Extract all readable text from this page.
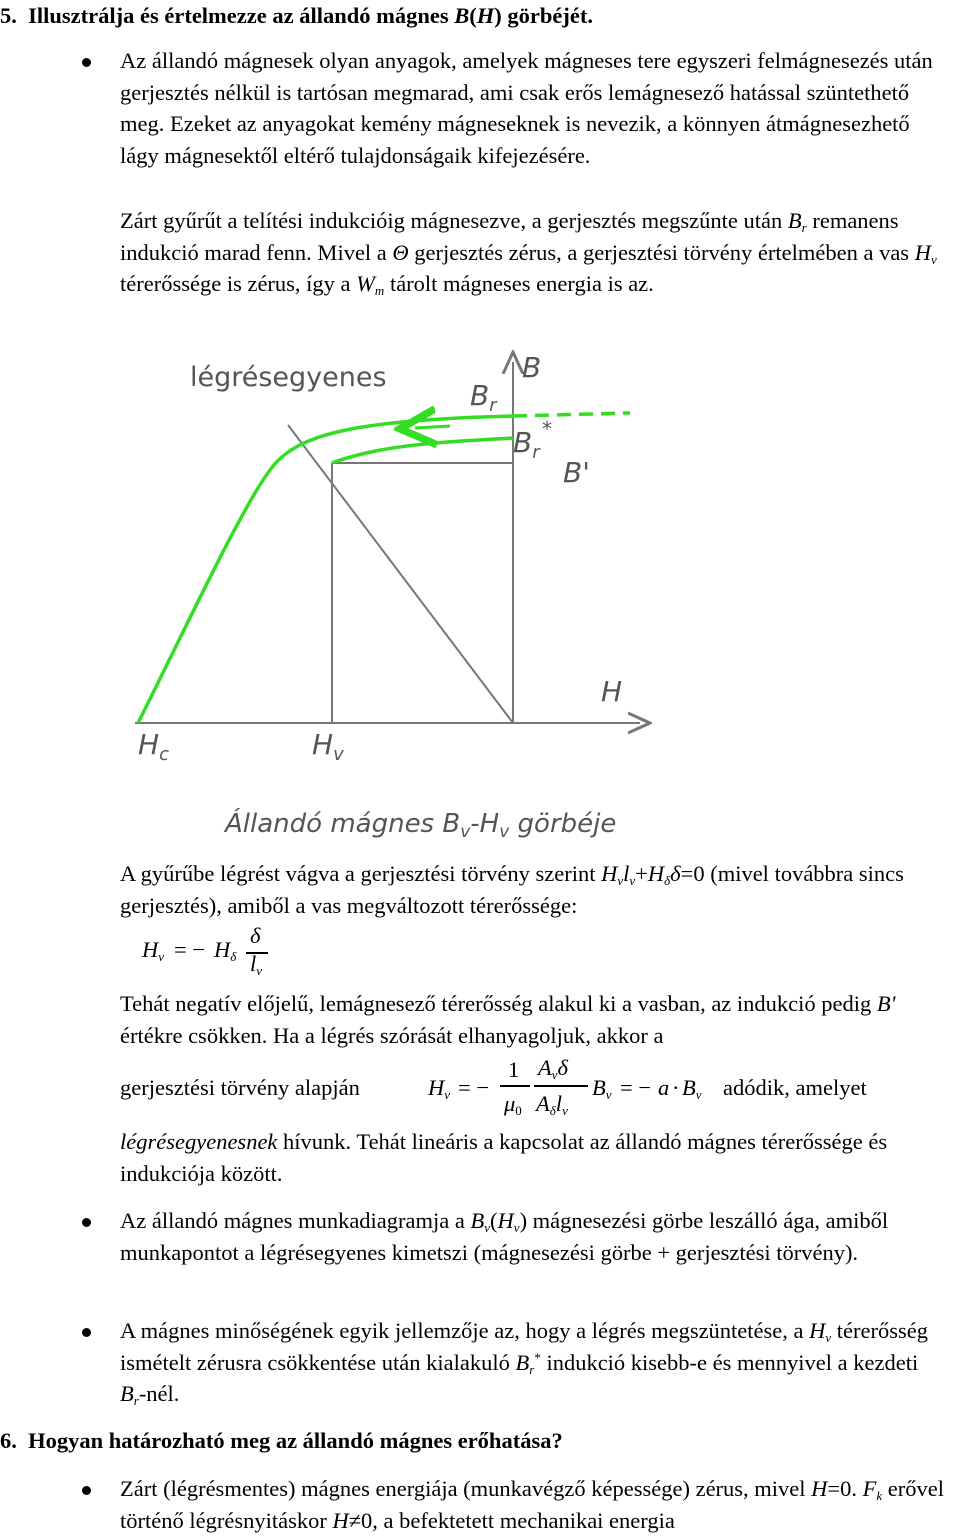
5. Illusztrálja és értelmezze az állandó mágnes B(H) görbéjét.
Az állandó mágnesek olyan anyagok, amelyek mágneses tere egyszeri felmágnesezés után gerjesztés nélkül is tartósan megmarad, ami csak erős lemágnesező hatással szüntethető meg. Ezeket az anyagokat kemény mágneseknek is nevezik, a könnyen átmágnesezhető lágy mágnesektől eltérő tulajdonságaik kifejezésére.
Zárt gyűrűt a telítési indukcióig mágnesezve, a gerjesztés megszűnte után $B_r$ remanens indukció marad fenn. Mivel a Θ gerjesztés zérus, a gerjesztési törvény értelmében a vas $H_v$ térerőssége is zérus, így a $W_m$ tárolt mágneses energia is az.
légrésegyenes	B
$B_r$
$B_r$
*
B'
H
$H_c$	$H_v$
Állandó mágnes Bv-Hv görbéje
A gyűrűbe légrést vágva a gerjesztési törvény szerint $H_vl_v+H_\delta\delta=0$ (mivel továbbra sincs gerjesztés), amiből a vas megváltozott térerőssége:
$H_v$ = − $H_\delta$
δ
$l_v$
Tehát negatív előjelű, lemágnesező térerősség alakul ki a vasban, az indukció pedig B' értékre csökken. Ha a légrés szórását elhanyagoljuk, akkor a
gerjesztési törvény alapján	$H_v$ = −
1
$\mu_0$
$A_v\delta$
$A_\delta l_v$
$B_v$ = − $a \cdot B_v$ adódik, amelyet
légrésegyenesnek hívunk. Tehát lineáris a kapcsolat az állandó mágnes térerőssége és indukciója között.
Az állandó mágnes munkadiagramja a $B_v(H_v)$ mágnesezési görbe leszálló ága, amiből munkapontot a légrésegyenes kimetszi (mágnesezési görbe + gerjesztési törvény).
A mágnes minőségének egyik jellemzője az, hogy a légrés megszüntetése, a $H_v$ térerősség ismételt zérusra csökkentése után kialakuló $B_r^*$ indukció kisebb-e és mennyivel a kezdeti $B_r$-nél.
6. Hogyan határozható meg az állandó mágnes erőhatása?
Zárt (légrésmentes) mágnes energiája (munkavégző képessége) zérus, mivel H=0. $F_k$ erővel történő légrésnyitáskor H≠0, a befektetett mechanikai energia
